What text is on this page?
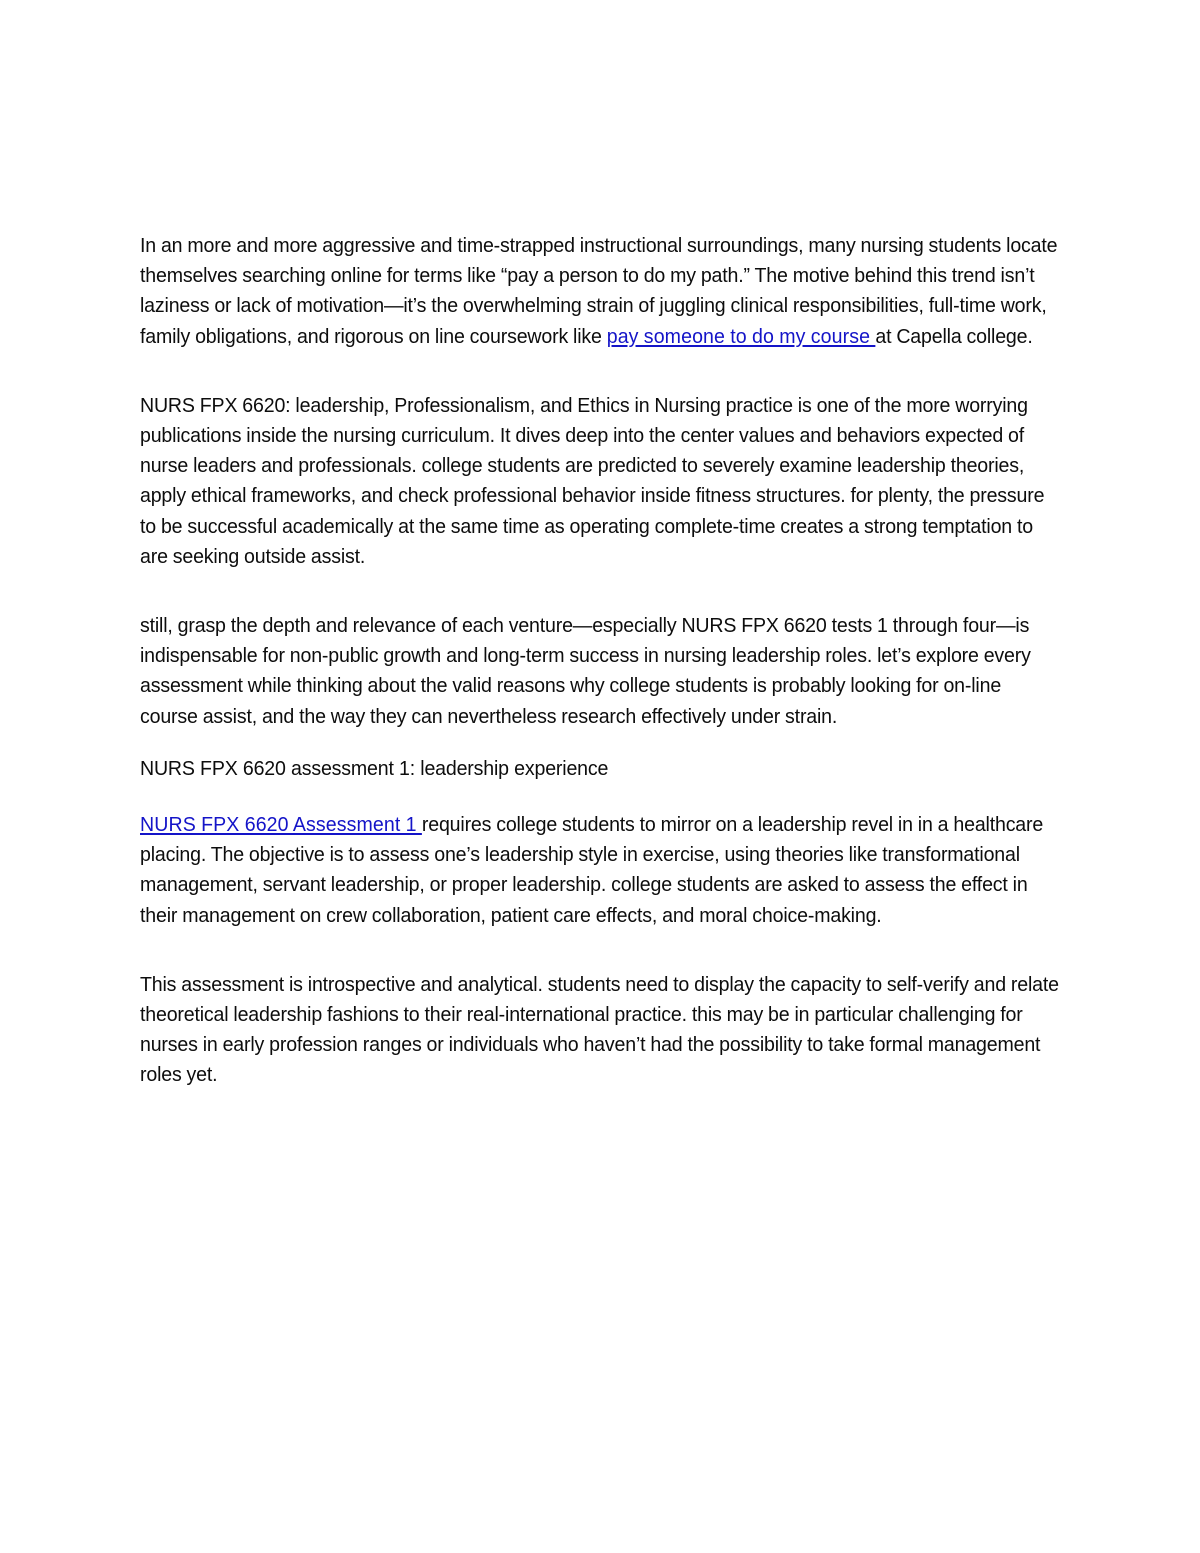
In an more and more aggressive and time-strapped instructional surroundings, many nursing students locate themselves searching online for terms like “pay a person to do my path.” The motive behind this trend isn’t laziness or lack of motivation—it’s the overwhelming strain of juggling clinical responsibilities, full-time work, family obligations, and rigorous on line coursework like pay someone to do my course at Capella college.

NURS FPX 6620: leadership, Professionalism, and Ethics in Nursing practice is one of the more worrying publications inside the nursing curriculum. It dives deep into the center values and behaviors expected of nurse leaders and professionals. college students are predicted to severely examine leadership theories, apply ethical frameworks, and check professional behavior inside fitness structures. for plenty, the pressure to be successful academically at the same time as operating complete-time creates a strong temptation to are seeking outside assist.

still, grasp the depth and relevance of each venture—especially NURS FPX 6620 tests 1 through four—is indispensable for non-public growth and long-term success in nursing leadership roles. let’s explore every assessment while thinking about the valid reasons why college students is probably looking for on-line course assist, and the way they can nevertheless research effectively under strain.

NURS FPX 6620 assessment 1: leadership experience

NURS FPX 6620 Assessment 1 requires college students to mirror on a leadership revel in in a healthcare placing. The objective is to assess one’s leadership style in exercise, using theories like transformational management, servant leadership, or proper leadership. college students are asked to assess the effect in their management on crew collaboration, patient care effects, and moral choice-making.

This assessment is introspective and analytical. students need to display the capacity to self-verify and relate theoretical leadership fashions to their real-international practice. this may be in particular challenging for nurses in early profession ranges or individuals who haven’t had the possibility to take formal management roles yet.
